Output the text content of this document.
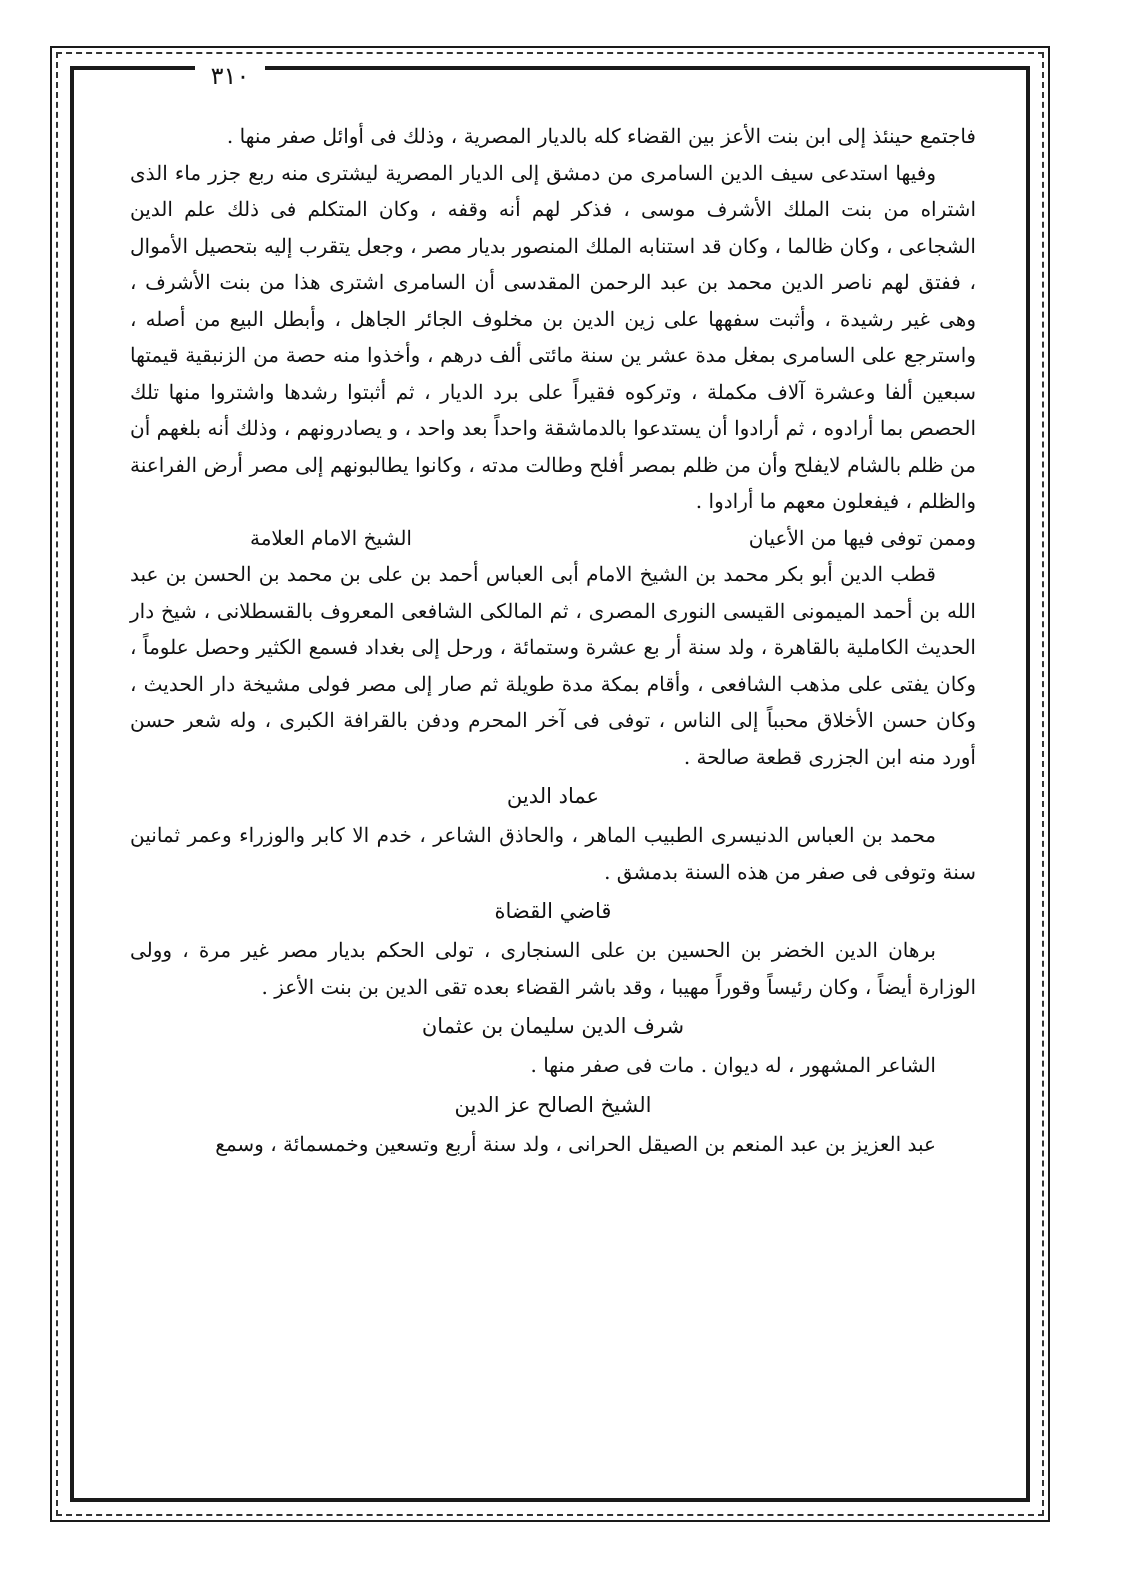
٣١٠

فاجتمع حينئذ إلى ابن بنت الأعز بين القضاء كله بالديار المصرية ، وذلك فى أوائل صفر منها .

وفيها استدعى سيف الدين السامرى من دمشق إلى الديار المصرية ليشترى منه ربع جزر ماء الذى اشتراه من بنت الملك الأشرف موسى ، فذكر لهم أنه وقفه ، وكان المتكلم فى ذلك علم الدين الشجاعى ، وكان ظالما ، وكان قد استنابه الملك المنصور بديار مصر ، وجعل يتقرب إليه بتحصيل الأموال ، ففتق لهم ناصر الدين محمد بن عبد الرحمن المقدسى أن السامرى اشترى هذا من بنت الأشرف ، وهى غير رشيدة ، وأثبت سفهها على زين الدين بن مخلوف الجائر الجاهل ، وأبطل البيع من أصله ، واسترجع على السامرى بمغل مدة عشر ين سنة مائتى ألف درهم ، وأخذوا منه حصة من الزنبقية قيمتها سبعين ألفا وعشرة آلاف مكملة ، وتركوه فقيراً على برد الديار ، ثم أثبتوا رشدها واشتروا منها تلك الحصص بما أرادوه ، ثم أرادوا أن يستدعوا بالدماشقة واحداً بعد واحد ، و يصادرونهم ، وذلك أنه بلغهم أن من ظلم بالشام لايفلح وأن من ظلم بمصر أفلح وطالت مدته ، وكانوا يطالبونهم إلى مصر أرض الفراعنة والظلم ، فيفعلون معهم ما أرادوا .

وممن توفى فيها من الأعيان
الشيخ الامام العلامة

قطب الدين أبو بكر محمد بن الشيخ الامام أبى العباس أحمد بن على بن محمد بن الحسن بن عبد الله بن أحمد الميمونى القيسى النورى المصرى ، ثم المالكى الشافعى المعروف بالقسطلانى ، شيخ دار الحديث الكاملية بالقاهرة ، ولد سنة أر بع عشرة وستمائة ، ورحل إلى بغداد فسمع الكثير وحصل علوماً ، وكان يفتى على مذهب الشافعى ، وأقام بمكة مدة طويلة ثم صار إلى مصر فولى مشيخة دار الحديث ، وكان حسن الأخلاق محبباً إلى الناس ، توفى فى آخر المحرم ودفن بالقرافة الكبرى ، وله شعر حسن أورد منه ابن الجزرى قطعة صالحة .

عماد الدين

محمد بن العباس الدنيسرى الطبيب الماهر ، والحاذق الشاعر ، خدم الا كابر والوزراء وعمر ثمانين سنة وتوفى فى صفر من هذه السنة بدمشق .

قاضي القضاة

برهان الدين الخضر بن الحسين بن على السنجارى ، تولى الحكم بديار مصر غير مرة ، وولى الوزارة أيضاً ، وكان رئيساً وقوراً مهيبا ، وقد باشر القضاء بعده تقى الدين بن بنت الأعز .

شرف الدين سليمان بن عثمان

الشاعر المشهور ، له ديوان . مات فى صفر منها .

الشيخ الصالح عز الدين

عبد العزيز بن عبد المنعم بن الصيقل الحرانى ، ولد سنة أربع وتسعين وخمسمائة ، وسمع
